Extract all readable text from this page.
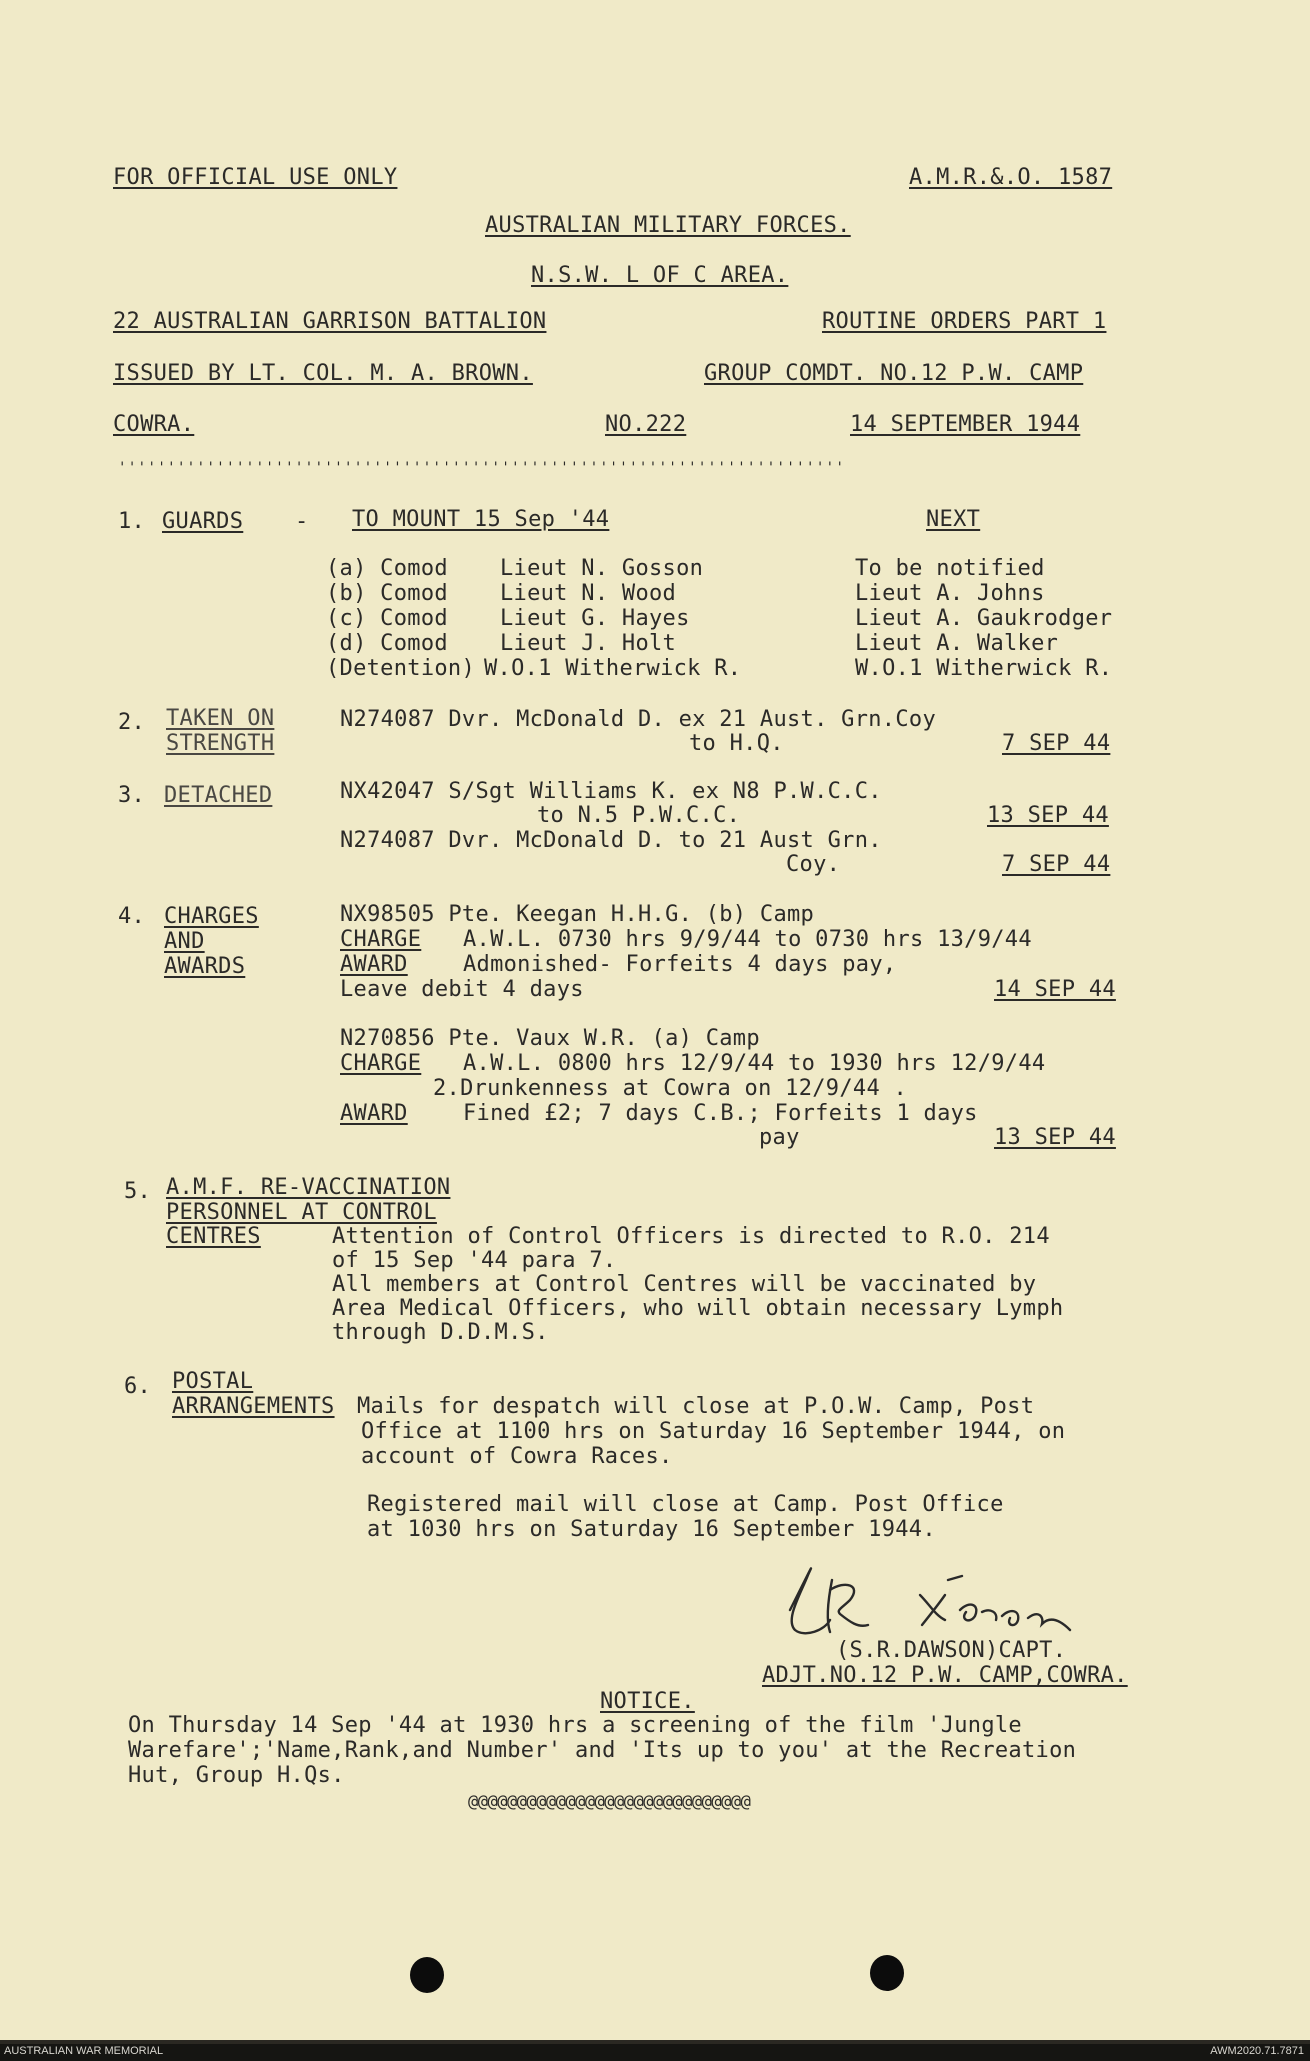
FOR OFFICIAL USE ONLY	A.M.R.&.O. 1587
AUSTRALIAN MILITARY FORCES.
N.S.W. L OF C AREA.
22 AUSTRALIAN GARRISON BATTALION	ROUTINE ORDERS PART 1
ISSUED BY LT. COL. M. A. BROWN.	GROUP COMDT. NO.12 P.W. CAMP
COWRA.	NO.222	14 SEPTEMBER 1944
''''''''''''''''''''''''''''''''''''''''''''''''''''''''''''''''''''''''''
1. GUARDS - TO MOUNT 15 Sep '44	NEXT
(a) Comod Lieut N. Gosson	To be notified
(b) Comod Lieut N. Wood	Lieut A. Johns
(c) Comod Lieut G. Hayes	Lieut A. Gaukrodger
(d) Comod Lieut J. Holt	Lieut A. Walker
(Detention) W.O.1 Witherwick R.	W.O.1 Witherwick R.
2. TAKEN ON
STRENGTH
N274087 Dvr. McDonald D. ex 21 Aust. Grn.Coy
to H.Q.	7 SEP 44
3. DETACHED	NX42047 S/Sgt Williams K. ex N8 P.W.C.C.
to N.5 P.W.C.C.	13 SEP 44
N274087 Dvr. McDonald D. to 21 Aust Grn.
Coy.	7 SEP 44
4. CHARGES
AND
AWARDS
NX98505 Pte. Keegan H.H.G. (b) Camp
CHARGE A.W.L. 0730 hrs 9/9/44 to 0730 hrs 13/9/44
AWARD	Admonished- Forfeits 4 days pay,
Leave debit 4 days	14 SEP 44
N270856 Pte. Vaux W.R. (a) Camp
CHARGE A.W.L. 0800 hrs 12/9/44 to 1930 hrs 12/9/44
2.Drunkenness at Cowra on 12/9/44 .
AWARD	Fined £2; 7 days C.B.; Forfeits 1 days
pay	13 SEP 44
5. A.M.F. RE-VACCINATION
PERSONNEL AT CONTROL
CENTRES	Attention of Control Officers is directed to R.O. 214
of 15 Sep '44 para 7.
All members at Control Centres will be vaccinated by
Area Medical Officers, who will obtain necessary Lymph
through D.D.M.S.
6. POSTAL
ARRANGEMENTS Mails for despatch will close at P.O.W. Camp, Post
Office at 1100 hrs on Saturday 16 September 1944, on
account of Cowra Races.
Registered mail will close at Camp. Post Office
at 1030 hrs on Saturday 16 September 1944.
(S.R.DAWSON)CAPT.
ADJT.NO.12 P.W. CAMP,COWRA.
NOTICE.
On Thursday 14 Sep '44 at 1930 hrs a screening of the film 'Jungle
Warefare';'Name,Rank,and Number' and 'Its up to you' at the Recreation
Hut, Group H.Qs.
@@@@@@@@@@@@@@@@@@@@@@@@@@@@@
AUSTRALIAN WAR MEMORIAL	AWM2020.71.7871
